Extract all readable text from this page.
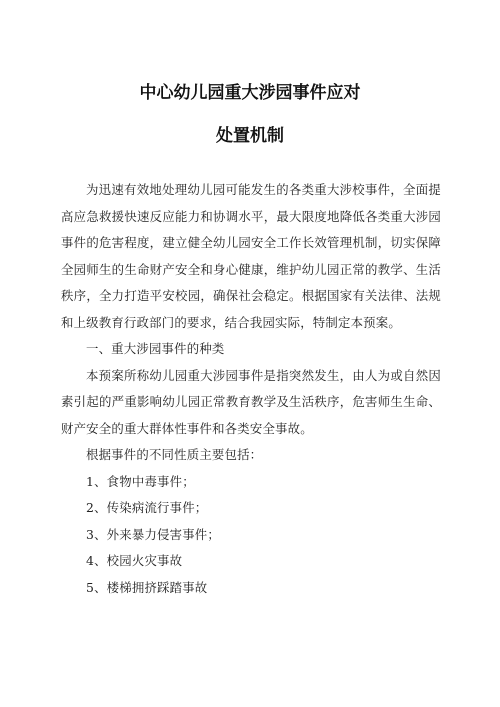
中心幼儿园重大涉园事件应对
处置机制

为迅速有效地处理幼儿园可能发生的各类重大涉校事件，全面提高应急救援快速反应能力和协调水平，最大限度地降低各类重大涉园事件的危害程度，建立健全幼儿园安全工作长效管理机制，切实保障全园师生的生命财产安全和身心健康，维护幼儿园正常的教学、生活秩序，全力打造平安校园，确保社会稳定。根据国家有关法律、法规和上级教育行政部门的要求，结合我园实际，特制定本预案。

一、重大涉园事件的种类

本预案所称幼儿园重大涉园事件是指突然发生，由人为或自然因素引起的严重影响幼儿园正常教育教学及生活秩序，危害师生生命、财产安全的重大群体性事件和各类安全事故。

根据事件的不同性质主要包括：

1、食物中毒事件；
2、传染病流行事件；
3、外来暴力侵害事件；
4、校园火灾事故
5、楼梯拥挤踩踏事故
